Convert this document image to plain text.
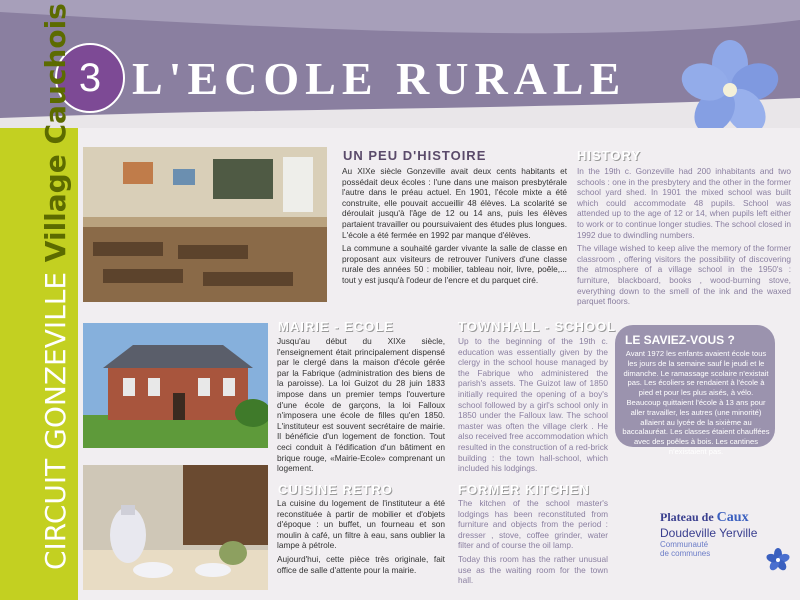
3 L'ECOLE RURALE
CIRCUIT GONZEVILLE Village Cauchois	UN PEU D'HISTOIRE

Au XIXe siècle Gonzeville avait deux cents habitants et possédait deux écoles : l'une dans une maison presbytérale l'autre dans le préau actuel. En 1901, l'école mixte a été construite, elle pouvait accueillir 48 élèves. La scolarité se déroulait jusqu'à l'âge de 12 ou 14 ans, puis les élèves partaient travailler ou poursuivaient des études plus longues. L'école a été fermée en 1992 par manque d'élèves.

La commune a souhaité garder vivante la salle de classe en proposant aux visiteurs de retrouver l'univers d'une classe rurale des années 50 : mobilier, tableau noir, livre, poêle,... tout y est jusqu'à l'odeur de l'encre et du parquet ciré.

HISTORY

In the 19th c. Gonzeville had 200 inhabitants and two schools : one in the presbytery and the other in the former school yard shed. In 1901 the mixed school was built which could accommodate 48 pupils. School was attended up to the age of 12 or 14, when pupils left either to work or to continue longer studies. The school closed in 1992 due to dwindling numbers.

The village wished to keep alive the memory of the former classroom , offering visitors the possibility of discovering the atmosphere of a village school in the 1950's : furniture, blackboard, books , wood-burning stove, everything down to the smell of the ink and the waxed parquet floors.

MAIRIE - ECOLE

Jusqu'au début du XIXe siècle, l'enseignement était principalement dispensé par le clergé dans la maison d'école gérée par la Fabrique (administration des biens de la paroisse). La loi Guizot du 28 juin 1833 impose dans un premier temps l'ouverture d'une école de garçons, la loi Falloux n'imposera une école de filles qu'en 1850. L'instituteur est souvent secrétaire de mairie. Il bénéficie d'un logement de fonction. Tout ceci conduit à l'édification d'un bâtiment en brique rouge, «Mairie-Ecole» comprenant un logement.

TOWNHALL - SCHOOL

Up to the beginning of the 19th c. education was essentially given by the clergy in the school house managed by the Fabrique who administered the parish's assets. The Guizot law of 1850 initially required the opening of a boy's school followed by a girl's school only in 1850 under the Falloux law. The school master was often the village clerk . He also received free accommodation which resulted in the construction of a red-brick building : the town hall-school, which included his lodgings.

LE SAVIEZ-VOUS ?
Avant 1972 les enfants avaient école tous les jours de la semaine sauf le jeudi et le dimanche. Le ramassage scolaire n'existait pas. Les écoliers se rendaient à l'école à pied et pour les plus aisés, à vélo. Beaucoup quittaient l'école à 13 ans pour aller travailler, les autres (une minorité) allaient au lycée de la sixième au baccalauréat. Les classes étaient chauffées avec des poêles à bois. Les cantines n'existaient pas.
CUISINE RETRO

La cuisine du logement de l'instituteur a été reconstituée à partir de mobilier et d'objets d'époque : un buffet, un fourneau et son moulin à café, un filtre à eau, sans oublier la lampe à pétrole.

Aujourd'hui, cette pièce très originale, fait office de salle d'attente pour la mairie.

FORMER KITCHEN

The kitchen of the school master's lodgings has been reconstituted from furniture and objects from the period : dresser , stove, coffee grinder, water filter and of course the oil lamp.

Today this room has the rather unusual use as the waiting room for the town hall.

Plateau de Caux
Doudeville Yerville
Communauté
de communes
